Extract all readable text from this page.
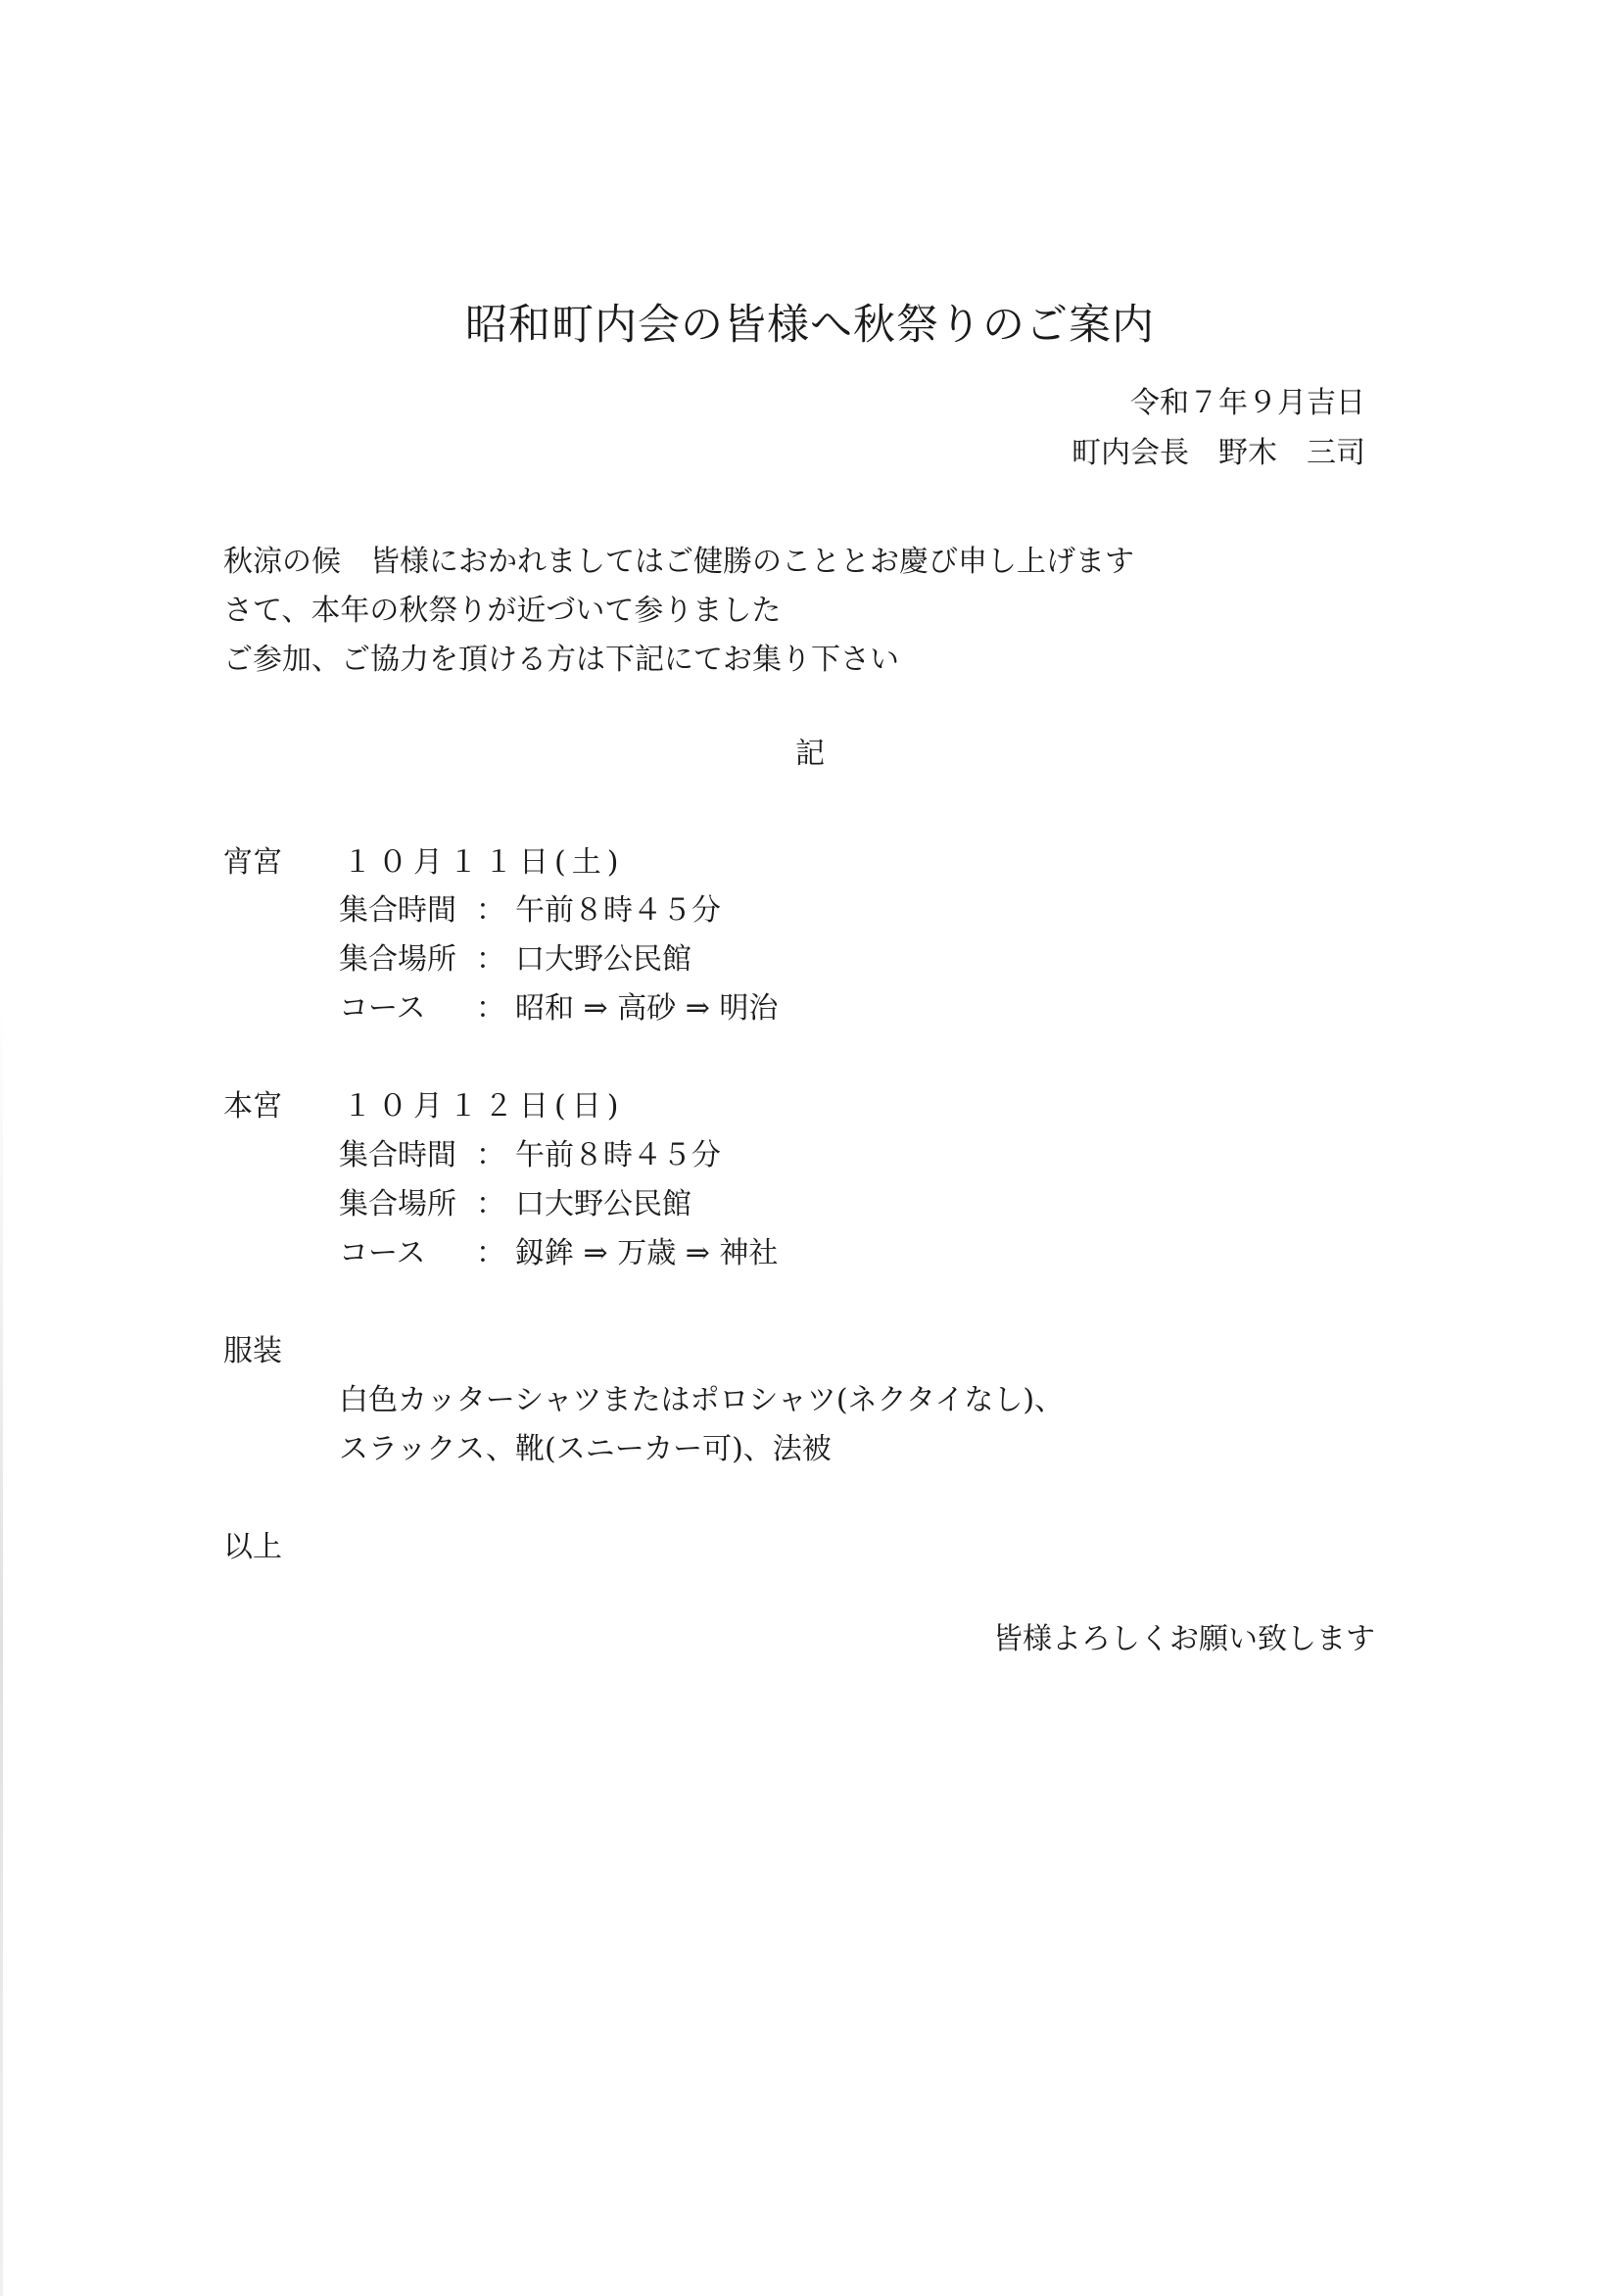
昭和町内会の皆様へ秋祭りのご案内
令和７年９月吉日
町内会長　野木　三司
秋涼の候　皆様におかれましてはご健勝のこととお慶び申し上げます
さて、本年の秋祭りが近づいて参りました
ご参加、ご協力を頂ける方は下記にてお集り下さい
記
宵宮 １０月１１日(土)
集合時間 ： 午前８時４５分
集合場所 ： 口大野公民館
コース ： 昭和 ⇒ 高砂 ⇒ 明治
本宮 １０月１２日(日)
集合時間 ： 午前８時４５分
集合場所 ： 口大野公民館
コース ： 釼鉾 ⇒ 万歳 ⇒ 神社
服装
白色カッターシャツまたはポロシャツ(ネクタイなし)、
スラックス、靴(スニーカー可)、法被
以上
皆様よろしくお願い致します
